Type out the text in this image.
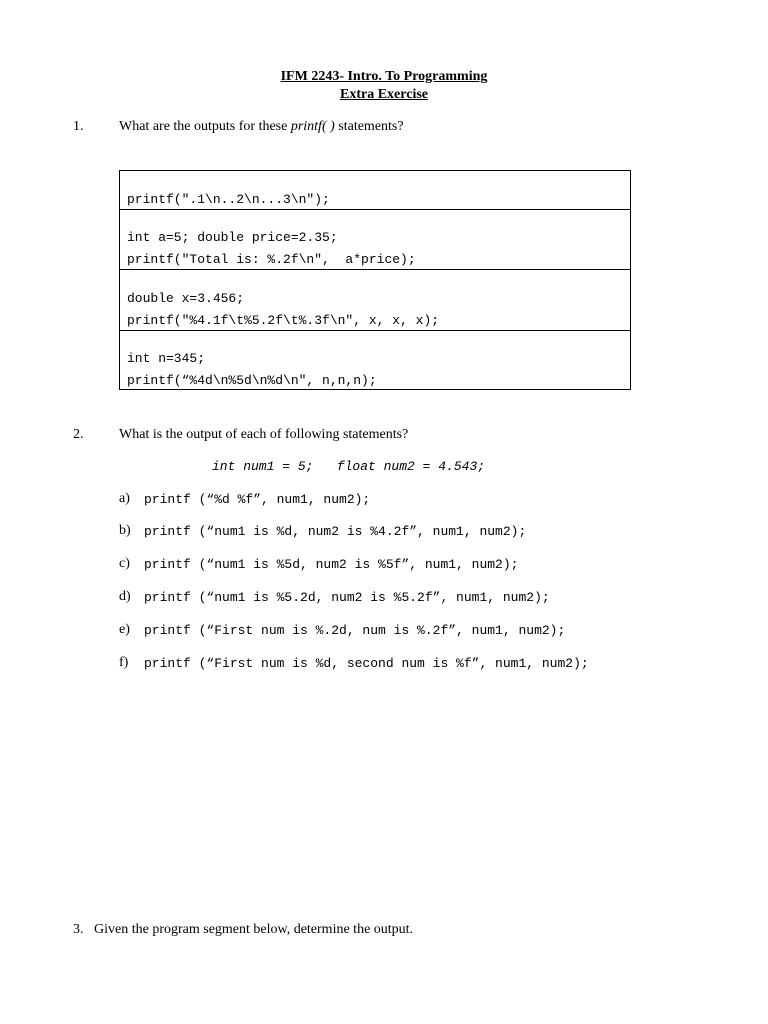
IFM 2243- Intro. To Programming
Extra Exercise
1.	What are the outputs for these printf( ) statements?
printf(".1\n..2\n...3\n");
int a=5; double price=2.35;
printf("Total is: %.2f\n",  a*price);
double x=3.456;
printf("%4.1f\t%5.2f\t%.3f\n", x, x, x);
int n=345;
printf(“%4d\n%5d\n%d\n", n,n,n);
2.	What is the output of each of following statements?
int num1 = 5;   float num2 = 4.543;
a) printf (“%d %f”, num1, num2);
b) printf (“num1 is %d, num2 is %4.2f”, num1, num2);
c) printf (“num1 is %5d, num2 is %5f”, num1, num2);
d) printf (“num1 is %5.2d, num2 is %5.2f”, num1, num2);
e) printf (“First num is %.2d, num is %.2f”, num1, num2);
f) printf (“First num is %d, second num is %f”, num1, num2);
3.   Given the program segment below, determine the output.
